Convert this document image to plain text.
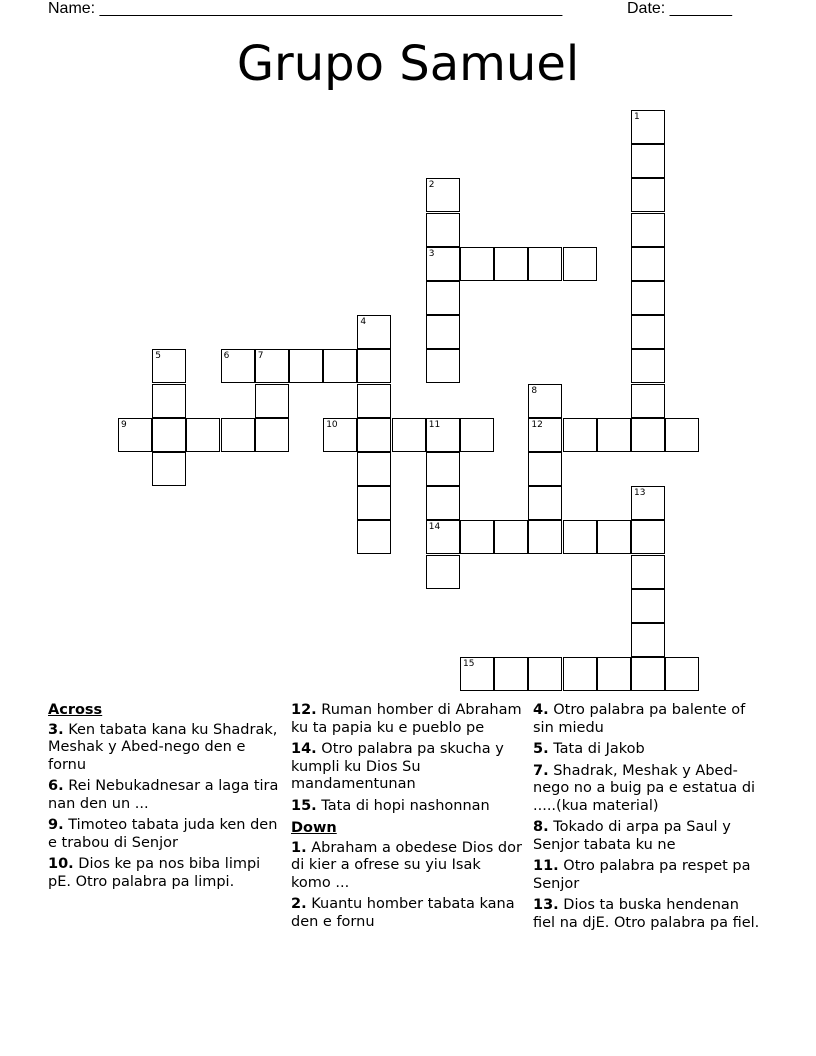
Name: ____________________________________________________	Date: _______
Grupo Samuel
1
2
3
4
5	6	7
8
12
9	10	11
14
13
15
Across
3. Ken tabata kana ku Shadrak, Meshak y Abed-nego den e fornu
6. Rei Nebukadnesar a laga tira nan den un ...
9. Timoteo tabata juda ken den e trabou di Senjor
10. Dios ke pa nos biba limpi pE. Otro palabra pa limpi.
12. Ruman homber di Abraham ku ta papia ku e pueblo pe
14. Otro palabra pa skucha y kumpli ku Dios Su mandamentunan
15. Tata di hopi nashonnan
Down
1. Abraham a obedese Dios dor di kier a ofrese su yiu Isak komo ...
2. Kuantu homber tabata kana den e fornu
4. Otro palabra pa balente of sin miedu
5. Tata di Jakob
7. Shadrak, Meshak y Abed-nego no a buig pa e estatua di .....(kua material)
8. Tokado di arpa pa Saul y Senjor tabata ku ne
11. Otro palabra pa respet pa Senjor
13. Dios ta buska hendenan fiel na djE. Otro palabra pa fiel.
